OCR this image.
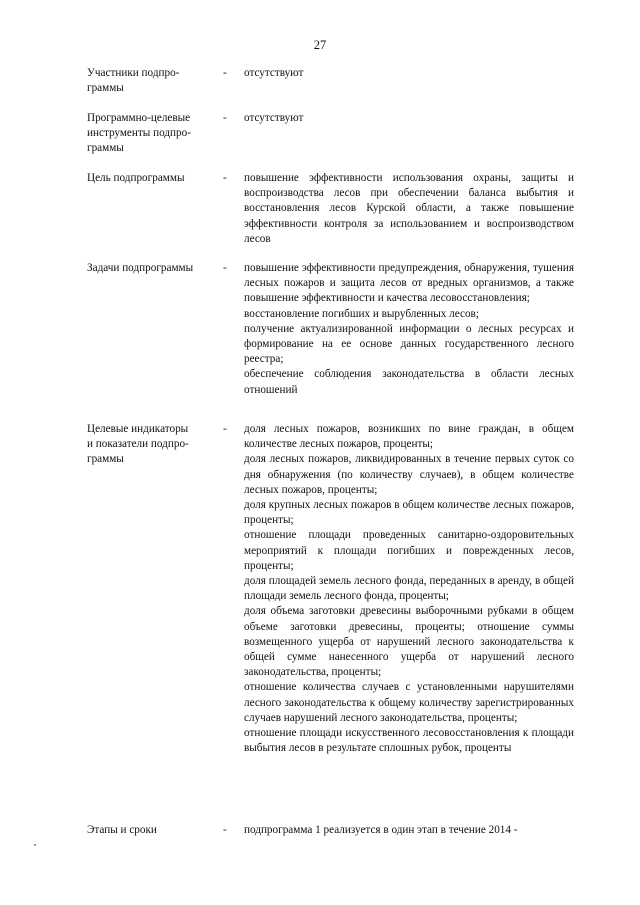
27
Участники подпро-
граммы
- отсутствуют
Программно-целевые
инструменты подпро-
граммы
- отсутствуют
Цель подпрограммы	- повышение эффективности использования охраны, защиты и воспроизводства лесов при обеспечении баланса выбытия и восстановления лесов Курской области, а также повышение эффективности контроля за использованием и воспроизводством лесов
Задачи подпрограммы	- повышение эффективности предупреждения, обнаружения, тушения лесных пожаров и защита лесов от вредных организмов, а также повышение эффективности и качества лесовосстановления;
восстановление погибших и вырубленных лесов;
получение актуализированной информации о лесных ресурсах и формирование на ее основе данных государственного лесного реестра;
обеспечение соблюдения законодательства в области лесных отношений
Целевые индикаторы
и показатели подпро-
граммы
- доля лесных пожаров, возникших по вине граждан, в общем количестве лесных пожаров, проценты;
доля лесных пожаров, ликвидированных в течение первых суток со дня обнаружения (по количеству случаев), в общем количестве лесных пожаров, проценты;
доля крупных лесных пожаров в общем количестве лесных пожаров, проценты;
отношение площади проведенных санитарно-оздоровительных мероприятий к площади погибших и поврежденных лесов, проценты;
доля площадей земель лесного фонда, переданных в аренду, в общей площади земель лесного фонда, проценты;
доля объема заготовки древесины выборочными рубками в общем объеме заготовки древесины, проценты; отношение суммы возмещенного ущерба от нарушений лесного законодательства к общей сумме нанесенного ущерба от нарушений лесного законодательства, проценты;
отношение количества случаев с установленными нарушителями лесного законодательства к общему количеству зарегистрированных случаев нарушений лесного законодательства, проценты;
отношение площади искусственного лесовосстановления к площади выбытия лесов в результате сплошных рубок, проценты
Этапы и сроки	- подпрограмма 1 реализуется в один этап в течение 2014 -
